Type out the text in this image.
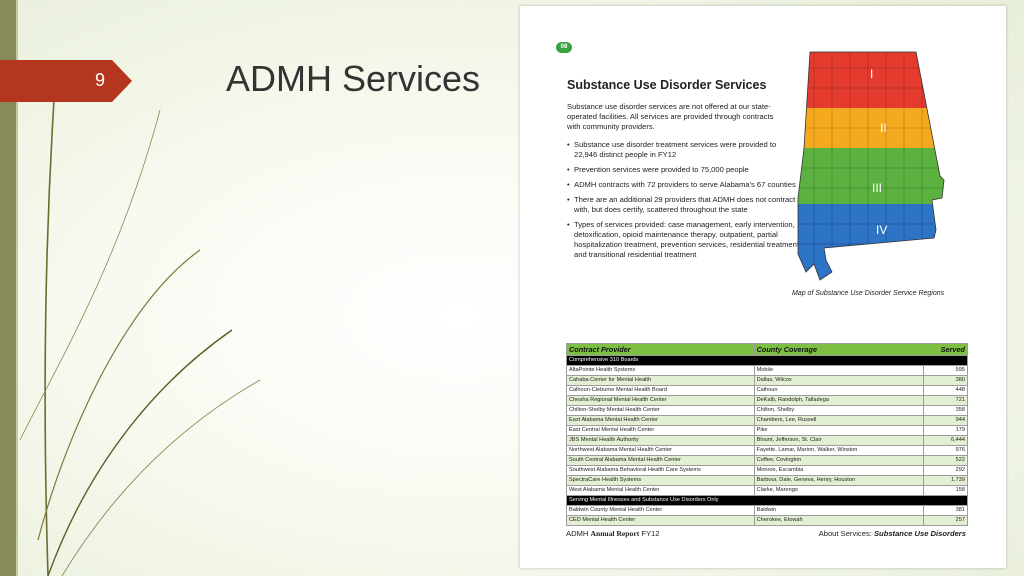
9	ADMH Services
08
Substance Use Disorder Services
Substance use disorder services are not offered at our state-operated facilities. All services are provided through contracts with community providers.
• Substance use disorder treatment services were provided to 22,946 distinct people in FY12
• Prevention services were provided to 75,000 people
• ADMH contracts with 72 providers to serve Alabama's 67 counties
• There are an additional 29 providers that ADMH does not contract with, but does certify, scattered throughout the state
• Types of services provided: case management, early intervention, detoxification, opioid maintenance therapy, outpatient, partial hospitalization treatment, prevention services, residential treatment and transitional residential treatment
I
II
III
IV
Map of Substance Use Disorder Service Regions
Contract Provider	County Coverage	Served
Comprehensive 310 Boards		
AltaPointe Health Systems	Mobile	595
Cahaba Center for Mental Health	Dallas, Wilcox	380
Calhoun-Cleburne Mental Health Board	Calhoun	448
Cheaha Regional Mental Health Center	DeKalb, Randolph, Talladega	721
Chilton-Shelby Mental Health Center	Chilton, Shelby	358
East Alabama Mental Health Center	Chambers, Lee, Russell	944
East Central Mental Health Center	Pike	179
JBS Mental Health Authority	Blount, Jefferson, St. Clair	6,444
Northwest Alabama Mental Health Center	Fayette, Lamar, Marion, Walker, Winston	976
South Central Alabama Mental Health Center	Coffee, Covington	522
Southwest Alabama Behavioral Health Care Systems	Monroe, Escambia	292
SpectraCare Health Systems	Barbour, Dale, Geneva, Henry, Houston	1,739
West Alabama Mental Health Center	Clarke, Marengo	158
Serving Mental Illnesses and Substance Use Disorders Only		
Baldwin County Mental Health Center	Baldwin	381
CED Mental Health Center	Cherokee, Etowah	257
ADMH Annual Report FY12	About Services: Substance Use Disorders
